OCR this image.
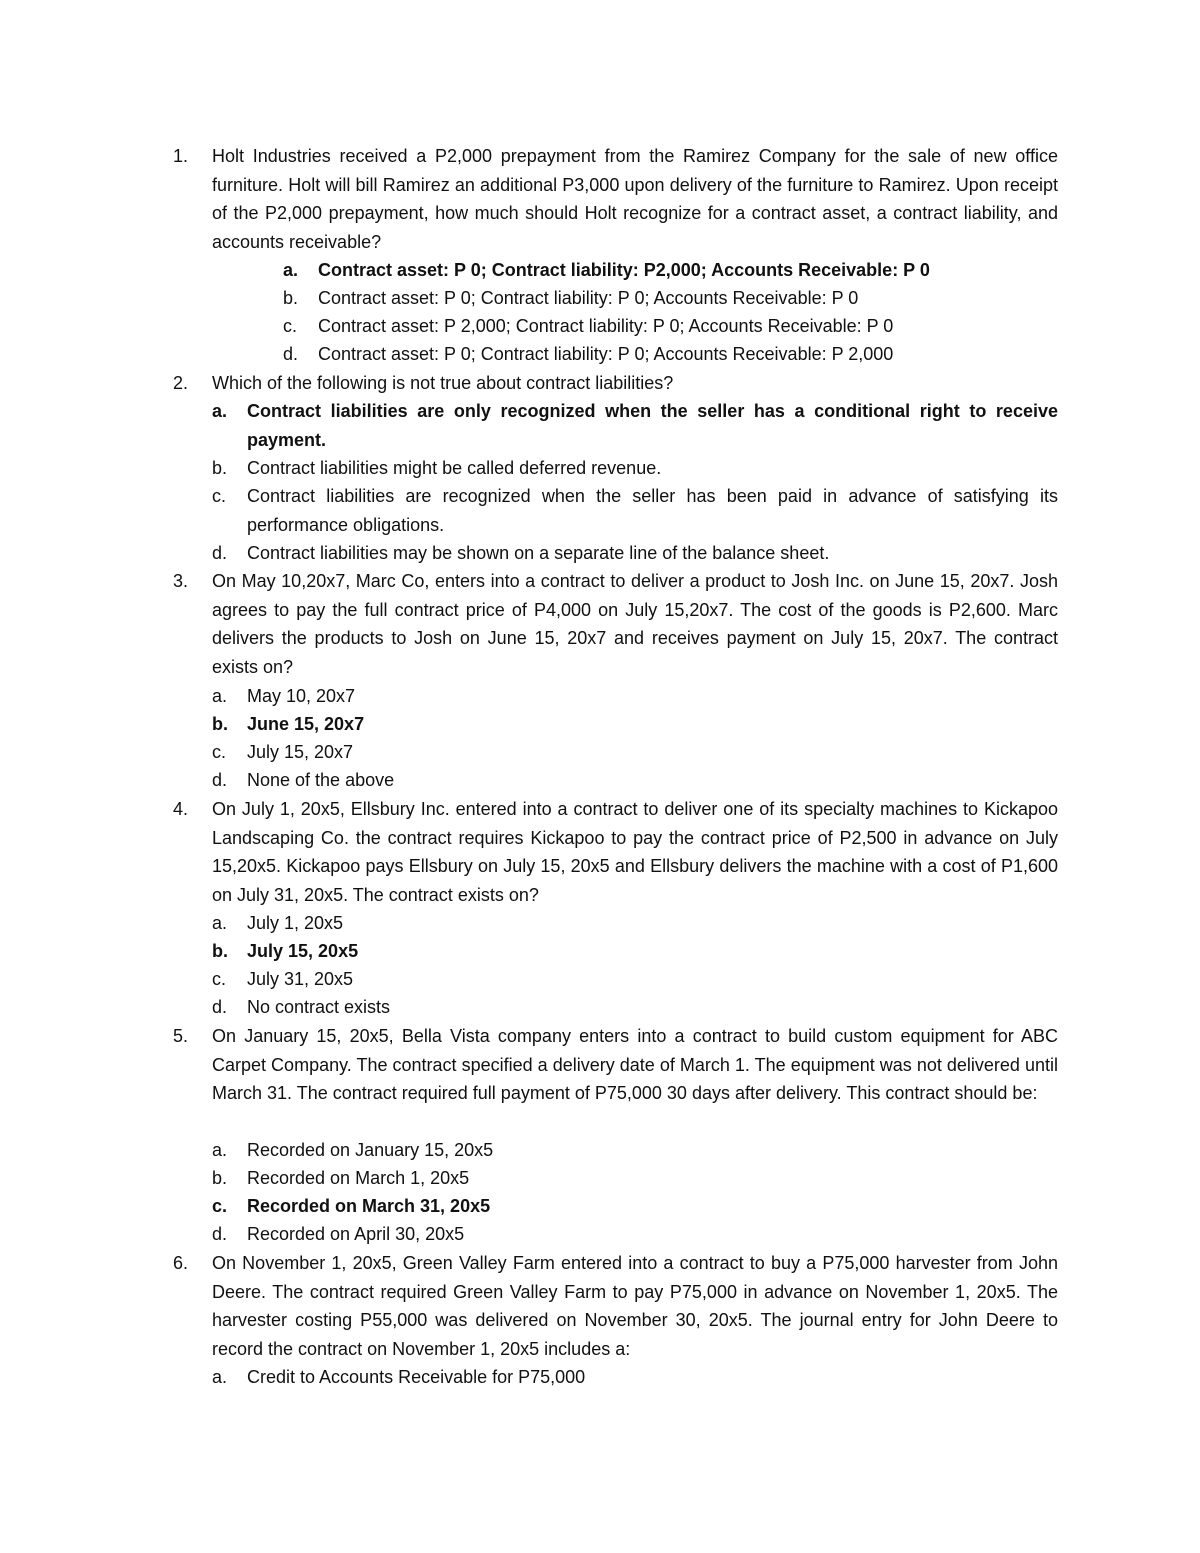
1. Holt Industries received a P2,000 prepayment from the Ramirez Company for the sale of new office furniture. Holt will bill Ramirez an additional P3,000 upon delivery of the furniture to Ramirez. Upon receipt of the P2,000 prepayment, how much should Holt recognize for a contract asset, a contract liability, and accounts receivable?
a. Contract asset: P 0; Contract liability: P2,000; Accounts Receivable: P 0
b. Contract asset: P 0; Contract liability: P 0; Accounts Receivable: P 0
c. Contract asset: P 2,000; Contract liability: P 0; Accounts Receivable: P 0
d. Contract asset: P 0; Contract liability: P 0; Accounts Receivable: P 2,000
2. Which of the following is not true about contract liabilities?
a. Contract liabilities are only recognized when the seller has a conditional right to receive payment.
b. Contract liabilities might be called deferred revenue.
c. Contract liabilities are recognized when the seller has been paid in advance of satisfying its performance obligations.
d. Contract liabilities may be shown on a separate line of the balance sheet.
3. On May 10,20x7, Marc Co, enters into a contract to deliver a product to Josh Inc. on June 15, 20x7. Josh agrees to pay the full contract price of P4,000 on July 15,20x7. The cost of the goods is P2,600. Marc delivers the products to Josh on June 15, 20x7 and receives payment on July 15, 20x7. The contract exists on?
a. May 10, 20x7
b. June 15, 20x7
c. July 15, 20x7
d. None of the above
4. On July 1, 20x5, Ellsbury Inc. entered into a contract to deliver one of its specialty machines to Kickapoo Landscaping Co. the contract requires Kickapoo to pay the contract price of P2,500 in advance on July 15,20x5. Kickapoo pays Ellsbury on July 15, 20x5 and Ellsbury delivers the machine with a cost of P1,600 on July 31, 20x5. The contract exists on?
a. July 1, 20x5
b. July 15, 20x5
c. July 31, 20x5
d. No contract exists
5. On January 15, 20x5, Bella Vista company enters into a contract to build custom equipment for ABC Carpet Company. The contract specified a delivery date of March 1. The equipment was not delivered until March 31. The contract required full payment of P75,000 30 days after delivery. This contract should be:
a. Recorded on January 15, 20x5
b. Recorded on March 1, 20x5
c. Recorded on March 31, 20x5
d. Recorded on April 30, 20x5
6. On November 1, 20x5, Green Valley Farm entered into a contract to buy a P75,000 harvester from John Deere. The contract required Green Valley Farm to pay P75,000 in advance on November 1, 20x5. The harvester costing P55,000 was delivered on November 30, 20x5. The journal entry for John Deere to record the contract on November 1, 20x5 includes a:
a. Credit to Accounts Receivable for P75,000
